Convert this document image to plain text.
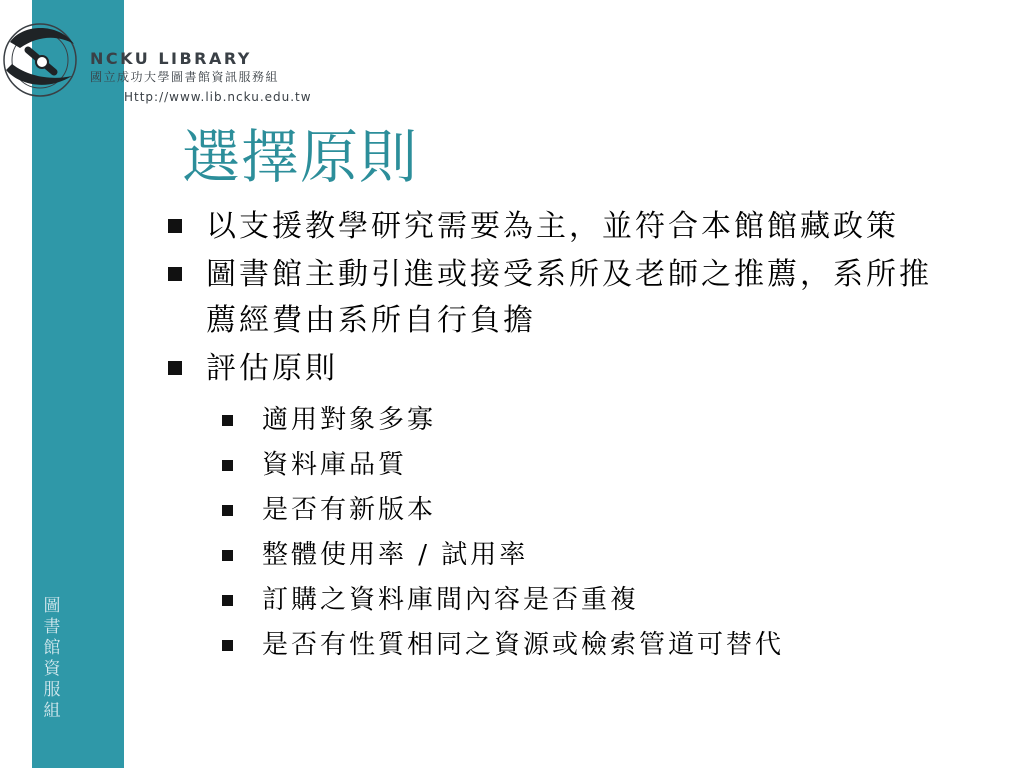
NCKU LIBRARY
國立成功大學圖書館資訊服務組
Http://www.lib.ncku.edu.tw
圖書館資服組
選擇原則
以支援教學研究需要為主，並符合本館館藏政策
圖書館主動引進或接受系所及老師之推薦，系所推薦經費由系所自行負擔
評估原則
適用對象多寡
資料庫品質
是否有新版本
整體使用率 / 試用率
訂購之資料庫間內容是否重複
是否有性質相同之資源或檢索管道可替代
